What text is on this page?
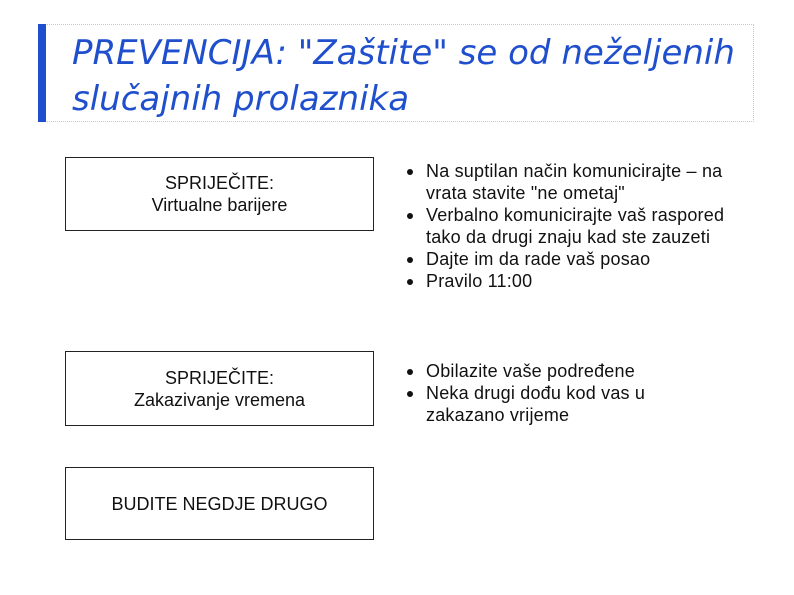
PREVENCIJA: "Zaštite" se od neželjenih slučajnih prolaznika
SPRIJEČITE:
Virtualne barijere
SPRIJEČITE:
Zakazivanje vremena
BUDITE NEGDJE DRUGO
Na suptilan način komunicirajte – na vrata stavite "ne ometaj"
Verbalno komunicirajte vaš raspored tako da drugi znaju kad ste zauzeti
Dajte im da rade vaš posao
Pravilo 11:00
Obilazite vaše podređene
Neka drugi dođu kod vas u zakazano vrijeme
